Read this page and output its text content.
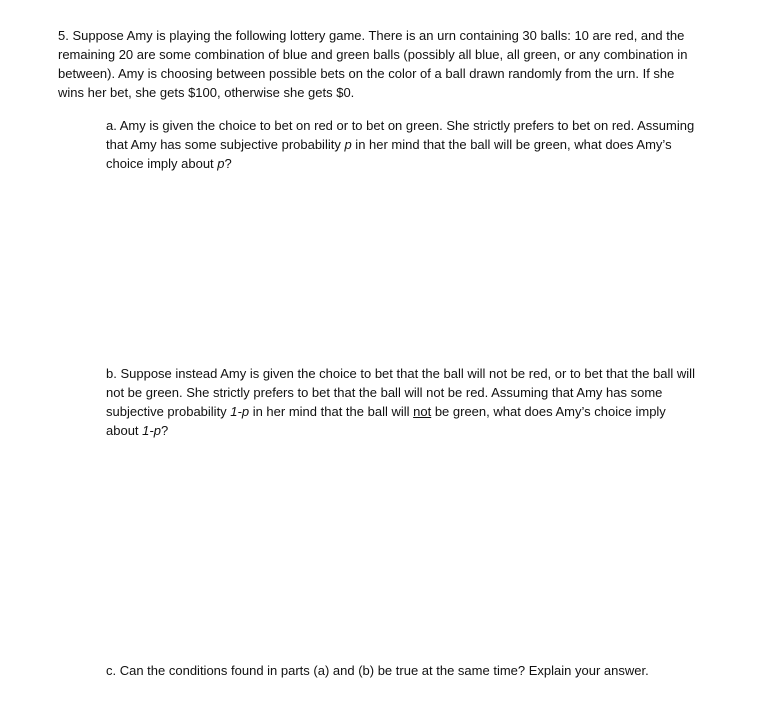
5. Suppose Amy is playing the following lottery game. There is an urn containing 30 balls: 10 are red, and the
remaining 20 are some combination of blue and green balls (possibly all blue, all green, or any combination in
between). Amy is choosing between possible bets on the color of a ball drawn randomly from the urn. If she
wins her bet, she gets $100, otherwise she gets $0.
a. Amy is given the choice to bet on red or to bet on green. She strictly prefers to bet on red. Assuming
that Amy has some subjective probability p in her mind that the ball will be green, what does Amy’s
choice imply about p?
b. Suppose instead Amy is given the choice to bet that the ball will not be red, or to bet that the ball will
not be green. She strictly prefers to bet that the ball will not be red. Assuming that Amy has some
subjective probability 1-p in her mind that the ball will not be green, what does Amy’s choice imply
about 1-p?
c. Can the conditions found in parts (a) and (b) be true at the same time? Explain your answer.
